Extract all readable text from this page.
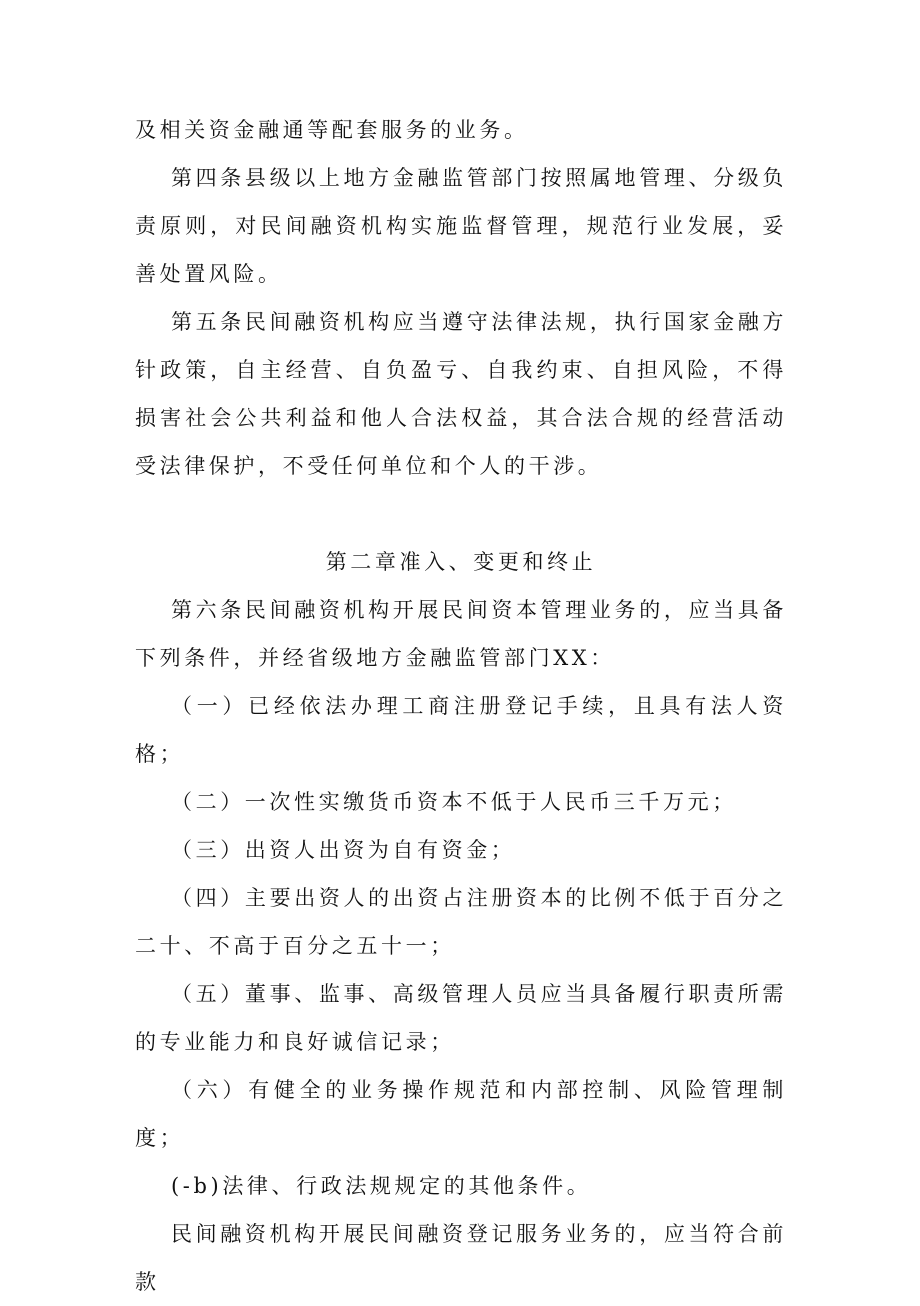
及相关资金融通等配套服务的业务。

第四条县级以上地方金融监管部门按照属地管理、分级负责原则，对民间融资机构实施监督管理，规范行业发展，妥善处置风险。

第五条民间融资机构应当遵守法律法规，执行国家金融方针政策，自主经营、自负盈亏、自我约束、自担风险，不得损害社会公共利益和他人合法权益，其合法合规的经营活动受法律保护，不受任何单位和个人的干涉。

第二章准入、变更和终止

第六条民间融资机构开展民间资本管理业务的，应当具备下列条件，并经省级地方金融监管部门XX：

（一）已经依法办理工商注册登记手续，且具有法人资格；

（二）一次性实缴货币资本不低于人民币三千万元；

（三）出资人出资为自有资金；

（四）主要出资人的出资占注册资本的比例不低于百分之二十、不高于百分之五十一；

（五）董事、监事、高级管理人员应当具备履行职责所需的专业能力和良好诚信记录；

（六）有健全的业务操作规范和内部控制、风险管理制度；

(-b)法律、行政法规规定的其他条件。

民间融资机构开展民间融资登记服务业务的，应当符合前款
